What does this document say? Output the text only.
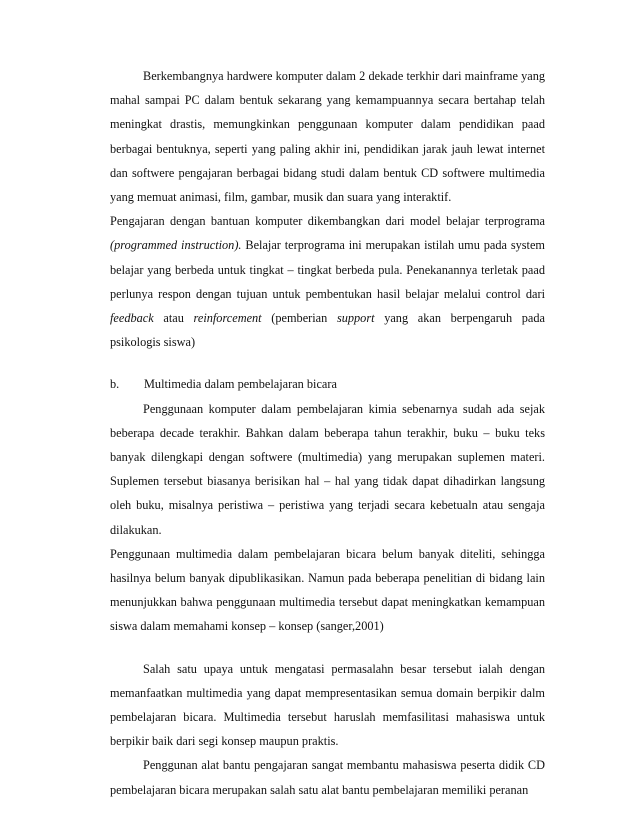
Berkembangnya hardwere komputer dalam 2 dekade terkhir dari mainframe yang mahal sampai PC dalam bentuk sekarang yang kemampuannya secara bertahap telah meningkat drastis, memungkinkan penggunaan komputer dalam pendidikan paad berbagai bentuknya, seperti yang paling akhir ini, pendidikan jarak jauh lewat internet dan softwere pengajaran berbagai bidang studi dalam bentuk CD softwere multimedia yang memuat animasi, film, gambar, musik dan suara yang interaktif.

Pengajaran dengan bantuan komputer dikembangkan dari model belajar terprograma (programmed instruction). Belajar terprograma ini merupakan istilah umu pada system belajar yang berbeda untuk tingkat – tingkat berbeda pula. Penekanannya terletak paad perlunya respon dengan tujuan untuk pembentukan hasil belajar melalui control dari feedback atau reinforcement (pemberian support yang akan berpengaruh pada psikologis siswa)

b.	Multimedia dalam pembelajaran bicara

Penggunaan komputer dalam pembelajaran kimia sebenarnya sudah ada sejak beberapa decade terakhir. Bahkan dalam beberapa tahun terakhir, buku – buku teks banyak dilengkapi dengan softwere (multimedia) yang merupakan suplemen materi. Suplemen tersebut biasanya berisikan hal – hal yang tidak dapat dihadirkan langsung oleh buku, misalnya peristiwa – peristiwa yang terjadi secara kebetualn atau sengaja dilakukan.

Penggunaan multimedia dalam pembelajaran bicara belum banyak diteliti, sehingga hasilnya belum banyak dipublikasikan. Namun pada beberapa penelitian di bidang lain menunjukkan bahwa penggunaan multimedia tersebut dapat meningkatkan kemampuan siswa dalam memahami konsep – konsep (sanger,2001)

Salah satu upaya untuk mengatasi permasalahn besar tersebut ialah dengan memanfaatkan multimedia yang dapat mempresentasikan semua domain berpikir dalm pembelajaran bicara. Multimedia tersebut haruslah memfasilitasi mahasiswa untuk berpikir baik dari segi konsep maupun praktis.

Penggunan alat bantu pengajaran sangat membantu mahasiswa peserta didik CD pembelajaran bicara merupakan salah satu alat bantu pembelajaran memiliki peranan
